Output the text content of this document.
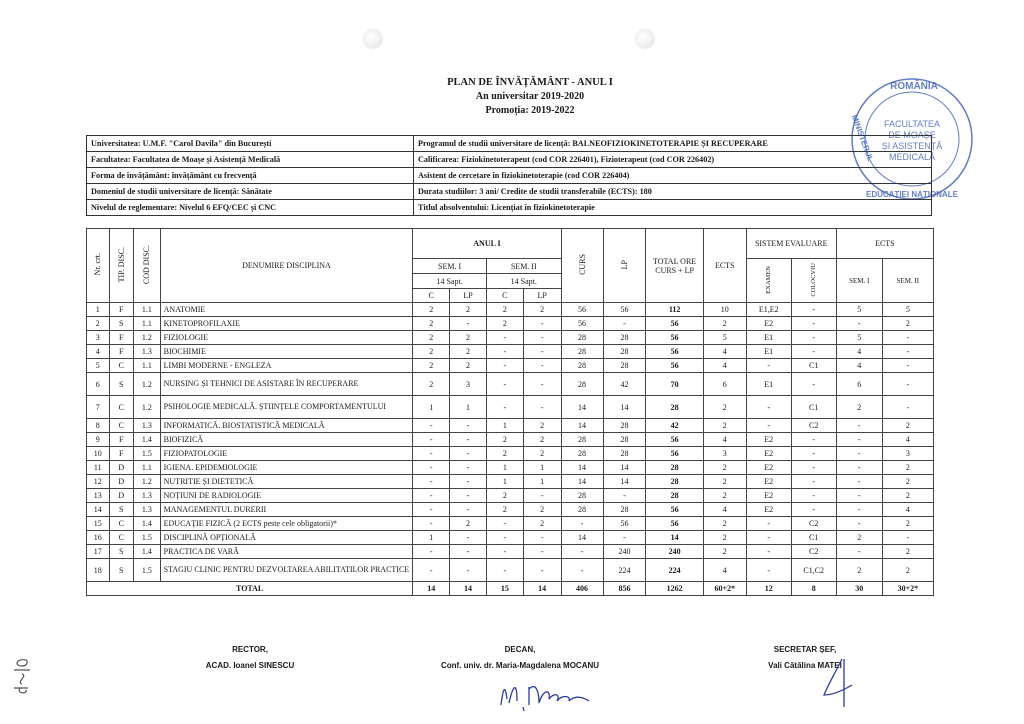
PLAN DE ÎNVĂȚĂMÂNT - ANUL I
An universitar 2019-2020
Promoția: 2019-2022
ROMÂNIA
FACULTATEA
DE MOAȘE
ȘI ASISTENȚĂ
MEDICALĂ
EDUCAȚIEI NAȚIONALE
MINISTERUL
Universitatea: U.M.F. "Carol Davila" din București	Programul de studii universitare de licență: BALNEOFIZIOKINETOTERAPIE ȘI RECUPERARE
Facultatea: Facultatea de Moașe și Asistență Medicală	Calificarea: Fiziokinetoterapeut (cod COR 226401), Fizioterapeut (cod COR 226402)
Forma de învățământ: învățământ cu frecvență	Asistent de cercetare în fiziokinetoterapie (cod COR 226404)
Domeniul de studii universitare de licență: Sănătate	Durata studiilor: 3 ani/ Credite de studii transferabile (ECTS): 180
Nivelul de reglementare: Nivelul 6 EFQ/CEC și CNC	Titlul absolventului: Licențiat în fiziokinetoterapie
Nr. crt.	TIP. DISC.	COD DISC.	DENUMIRE DISCIPLINA	ANUL I				CURS	LP	TOTAL ORE CURS + LP	ECTS	SISTEM EVALUARE		ECTS	
				SEM. I		SEM. II						EXAMEN	COLOCVIU	SEM. I	SEM. II
				14 Sapt.		14 Sapt.									
				C	LP	C	LP								
1	F	1.1	ANATOMIE	2	2	2	2	56	56	112	10	E1,E2	-	5	5
2	S	1.1	KINETOPROFILAXIE	2	-	2	-	56	-	56	2	E2	-	-	2
3	F	1.2	FIZIOLOGIE	2	2	-	-	28	28	56	5	E1	-	5	-
4	F	1.3	BIOCHIMIE	2	2	-	-	28	28	56	4	E1	-	4	-
5	C	1.1	LIMBI MODERNE - ENGLEZA	2	2	-	-	28	28	56	4	-	C1	4	-
6	S	1.2	NURSING ȘI TEHNICI DE ASISTARE ÎN RECUPERARE	2	3	-	-	28	42	70	6	E1	-	6	-
7	C	1.2	PSIHOLOGIE MEDICALĂ. ȘTIINȚELE COMPORTAMENTULUI	1	1	-	-	14	14	28	2	-	C1	2	-
8	C	1.3	INFORMATICĂ. BIOSTATISTICĂ MEDICALĂ	-	-	1	2	14	28	42	2	-	C2	-	2
9	F	1.4	BIOFIZICĂ	-	-	2	2	28	28	56	4	E2	-	-	4
10	F	1.5	FIZIOPATOLOGIE	-	-	2	2	28	28	56	3	E2	-	-	3
11	D	1.1	IGIENA. EPIDEMIOLOGIE	-	-	1	1	14	14	28	2	E2	-	-	2
12	D	1.2	NUTRITIE ȘI DIETETICĂ	-	-	1	1	14	14	28	2	E2	-	-	2
13	D	1.3	NOȚIUNI DE RADIOLOGIE	-	-	2	-	28	-	28	2	E2	-	-	2
14	S	1.3	MANAGEMENTUL DURERII	-	-	2	2	28	28	56	4	E2	-	-	4
15	C	1.4	EDUCAȚIE FIZICĂ (2 ECTS peste cele obligatorii)*	-	2	-	2	-	56	56	2	-	C2	-	2
16	C	1.5	DISCIPLINĂ OPȚIONALĂ	1	-	-	-	14	-	14	2	-	C1	2	-
17	S	1.4	PRACTICA DE VARĂ	-	-	-	-	-	240	240	2	-	C2	-	2
18	S	1.5	STAGIU CLINIC PENTRU DEZVOLTAREA ABILITATILOR PRACTICE	-	-	-	-	-	224	224	4	-	C1,C2	2	2
TOTAL				14	14	15	14	406	856	1262	60+2*	12	8	30	30+2*
RECTOR,
ACAD. Ioanel SINESCU
DECAN,
Conf. univ. dr. Maria-Magdalena MOCANU
SECRETAR ȘEF,
Vali Cătălina MATEI
